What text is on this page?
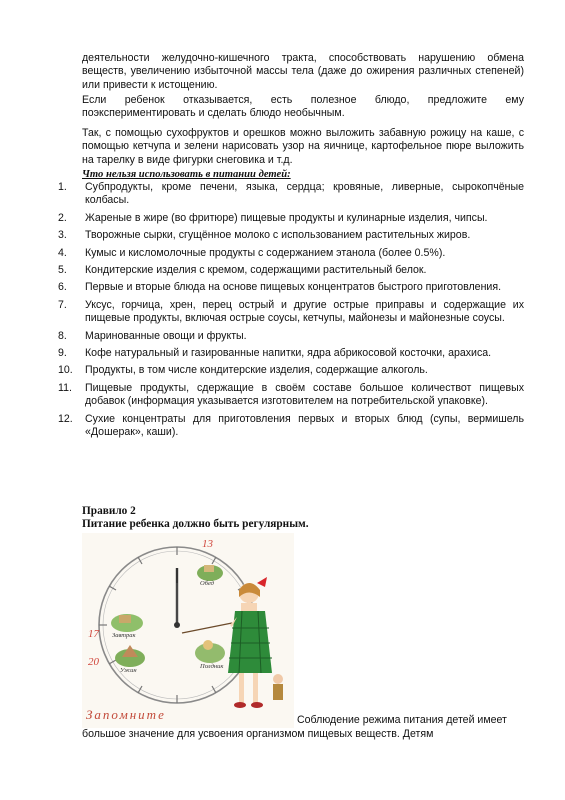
деятельности желудочно-кишечного тракта, способствовать нарушению обмена веществ, увеличению избыточной массы тела (даже до ожирения различных степеней) или привести к истощению.

Если ребенок отказывается, есть полезное блюдо, предложите ему поэкспериментировать и сделать блюдо необычным.

Так, с помощью сухофруктов и орешков можно выложить забавную рожицу на каше, с помощью кетчупа и зелени нарисовать узор на яичнице, картофельное пюре выложить на тарелку в виде фигурки снеговика и т.д.

Что нельзя использовать в питании детей:

1.	Субпродукты, кроме печени, языка, сердца; кровяные, ливерные, сырокопчёные колбасы.
2.	Жареные в жире (во фритюре) пищевые продукты и кулинарные изделия, чипсы.
3.	Творожные сырки, сгущённое молоко с использованием растительных жиров.
4.	Кумыс и кисломолочные продукты с содержанием этанола (более 0.5%).
5.	Кондитерские изделия с кремом, содержащими растительный белок.
6.	Первые и вторые блюда на основе пищевых концентратов быстрого приготовления.
7.	Уксус, горчица, хрен, перец острый и другие острые приправы и содержащие их пищевые продукты, включая острые соусы, кетчупы, майонезы и майонезные соусы.
8.	Маринованные овощи и фрукты.
9.	Кофе натуральный и газированные напитки, ядра абрикосовой косточки, арахиса.
10.	Продукты, в том числе кондитерские изделия, содержащие алкоголь.
11.	Пищевые продукты, сдержащие в своём составе большое количествот пищевых добавок (информация указывается изготовителем на потребительской упаковке).
12.	Сухие концентраты для приготовления первых и вторых блюд (супы, вермишель «Дошерак», каши).
Правило 2
Питание ребенка должно быть регулярным.
13
17
20
Обед
Завтрак
Полдник
Ужин
Запомните	Соблюдение режима питания детей имеет
большое значение для усвоения организмом пищевых веществ. Детям
